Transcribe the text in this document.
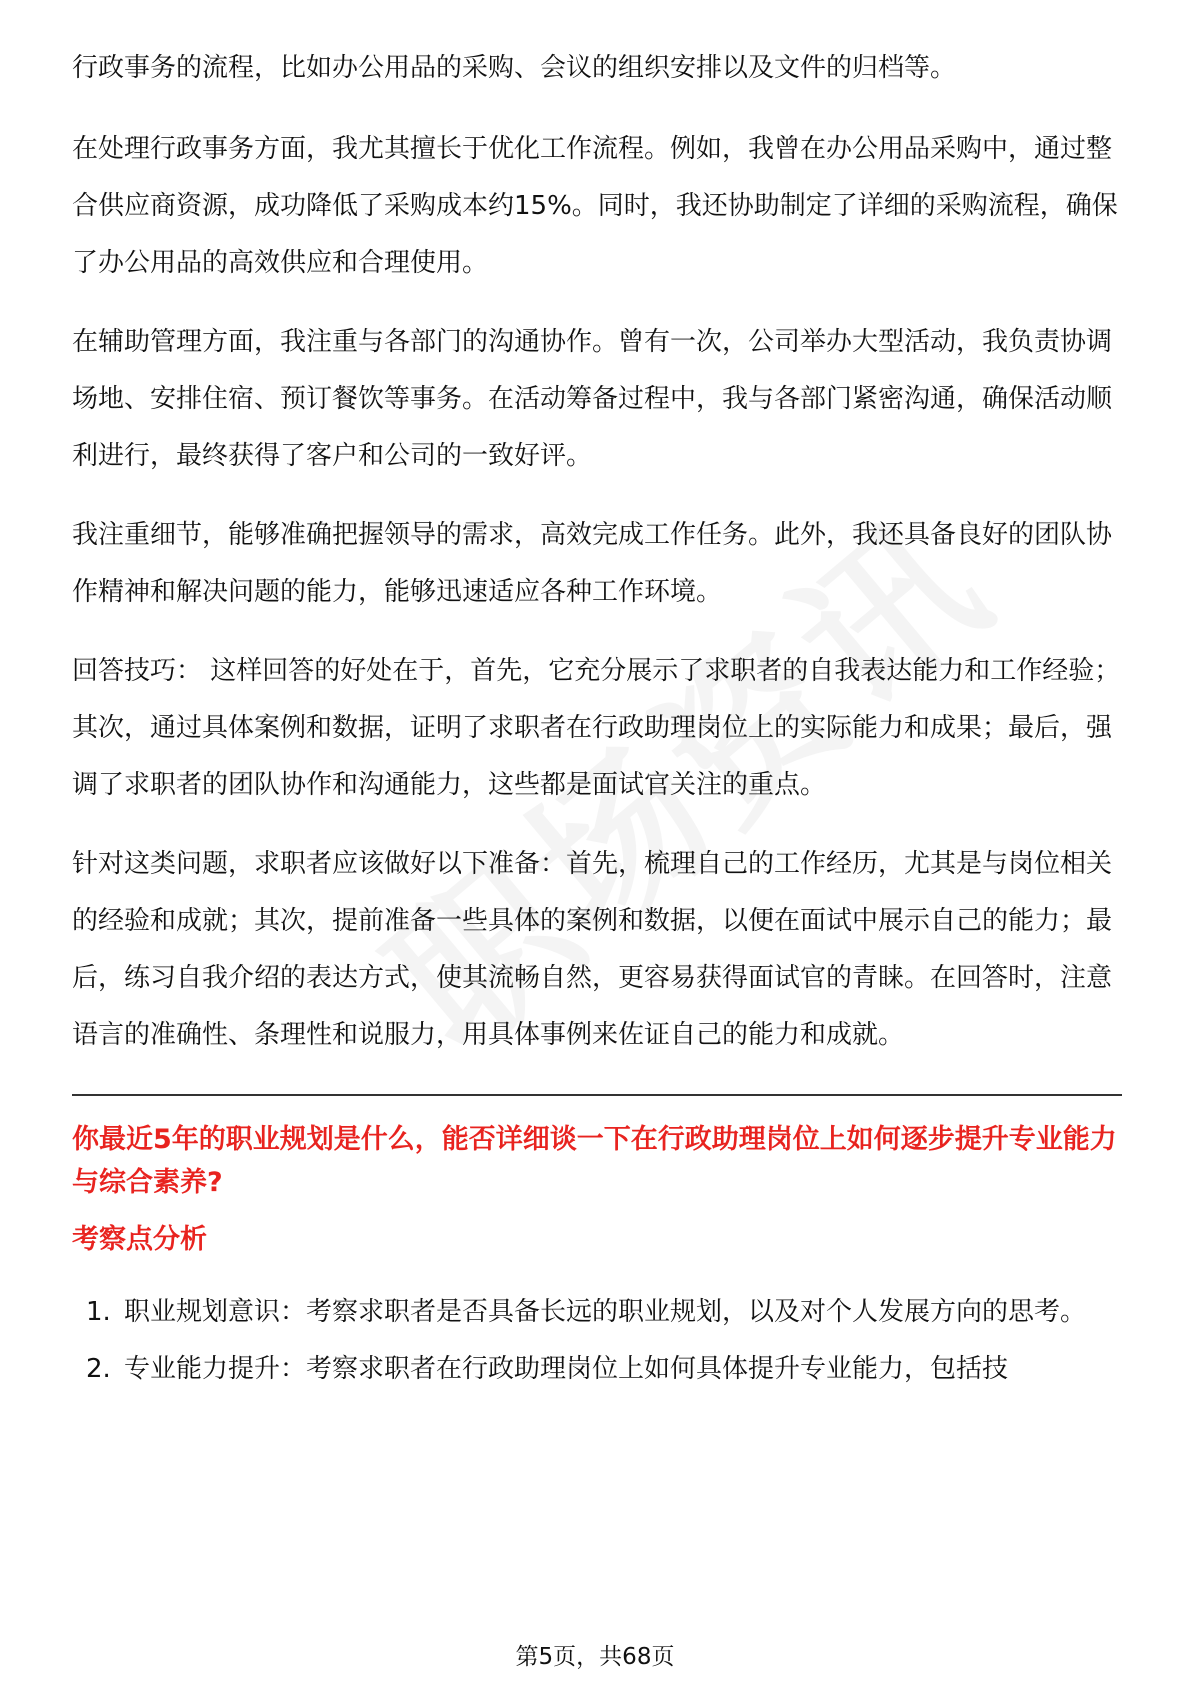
行政事务的流程，比如办公用品的采购、会议的组织安排以及文件的归档等。

在处理行政事务方面，我尤其擅长于优化工作流程。例如，我曾在办公用品采购中，通过整合供应商资源，成功降低了采购成本约15%。同时，我还协助制定了详细的采购流程，确保了办公用品的高效供应和合理使用。

在辅助管理方面，我注重与各部门的沟通协作。曾有一次，公司举办大型活动，我负责协调场地、安排住宿、预订餐饮等事务。在活动筹备过程中，我与各部门紧密沟通，确保活动顺利进行，最终获得了客户和公司的一致好评。

我注重细节，能够准确把握领导的需求，高效完成工作任务。此外，我还具备良好的团队协作精神和解决问题的能力，能够迅速适应各种工作环境。

回答技巧： 这样回答的好处在于，首先，它充分展示了求职者的自我表达能力和工作经验；其次，通过具体案例和数据，证明了求职者在行政助理岗位上的实际能力和成果；最后，强调了求职者的团队协作和沟通能力，这些都是面试官关注的重点。

针对这类问题，求职者应该做好以下准备：首先，梳理自己的工作经历，尤其是与岗位相关的经验和成就；其次，提前准备一些具体的案例和数据，以便在面试中展示自己的能力；最后，练习自我介绍的表达方式，使其流畅自然，更容易获得面试官的青睐。在回答时，注意语言的准确性、条理性和说服力，用具体事例来佐证自己的能力和成就。

你最近5年的职业规划是什么，能否详细谈一下在行政助理岗位上如何逐步提升专业能力与综合素养?
考察点分析
1. 职业规划意识：考察求职者是否具备长远的职业规划，以及对个人发展方向的思考。
2. 专业能力提升：考察求职者在行政助理岗位上如何具体提升专业能力，包括技
第5页，共68页
